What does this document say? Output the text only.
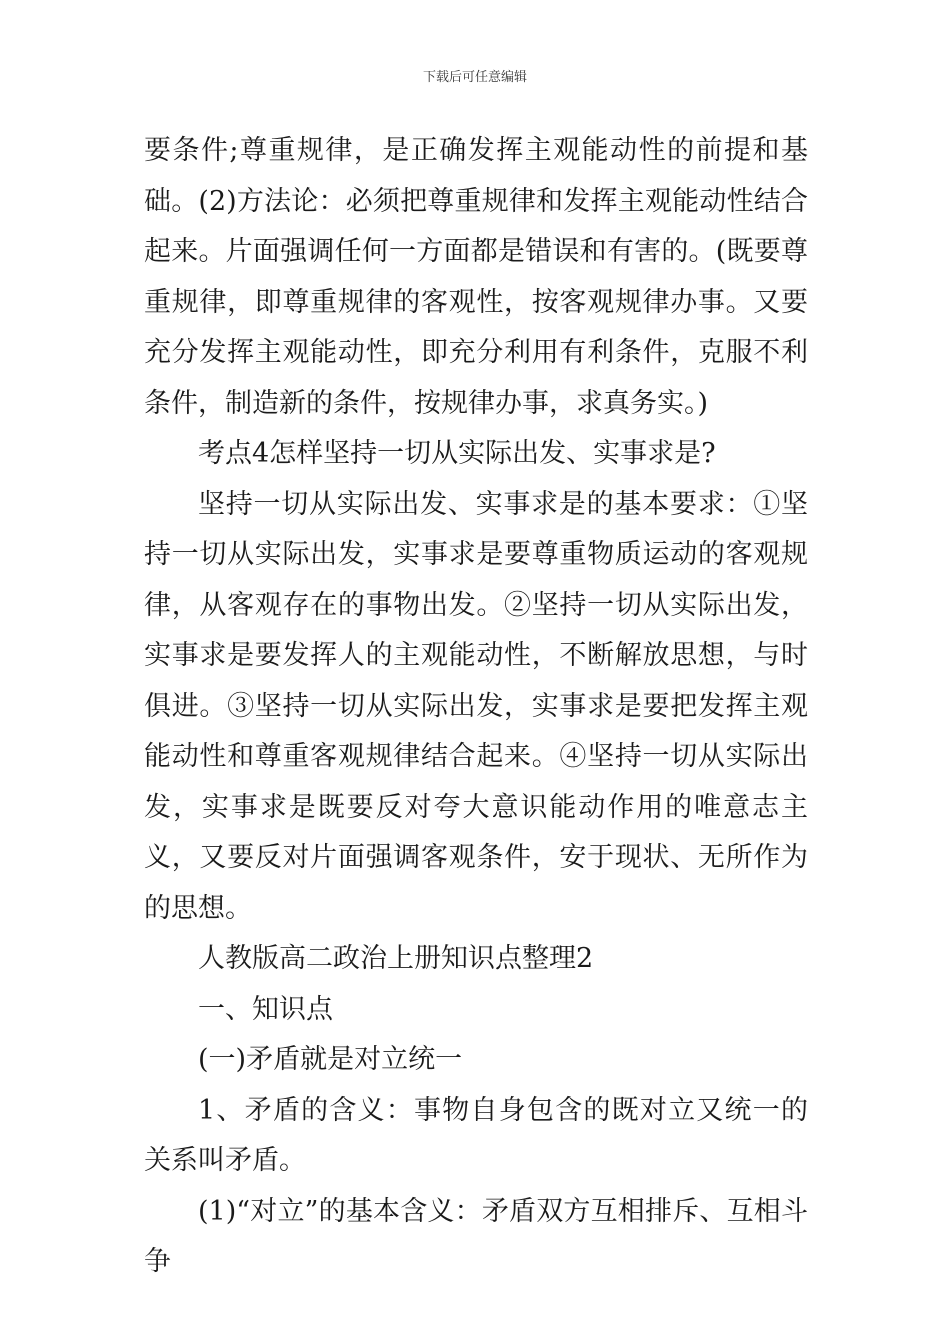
下载后可任意编辑

要条件;尊重规律，是正确发挥主观能动性的前提和基础。(2)方法论：必须把尊重规律和发挥主观能动性结合起来。片面强调任何一方面都是错误和有害的。(既要尊重规律，即尊重规律的客观性，按客观规律办事。又要充分发挥主观能动性，即充分利用有利条件，克服不利条件，制造新的条件，按规律办事，求真务实。)

考点4怎样坚持一切从实际出发、实事求是?

坚持一切从实际出发、实事求是的基本要求：①坚持一切从实际出发，实事求是要尊重物质运动的客观规律，从客观存在的事物出发。②坚持一切从实际出发，实事求是要发挥人的主观能动性，不断解放思想，与时俱进。③坚持一切从实际出发，实事求是要把发挥主观能动性和尊重客观规律结合起来。④坚持一切从实际出发，实事求是既要反对夸大意识能动作用的唯意志主义，又要反对片面强调客观条件，安于现状、无所作为的思想。

人教版高二政治上册知识点整理2

一、知识点

(一)矛盾就是对立统一

1、矛盾的含义：事物自身包含的既对立又统一的关系叫矛盾。

(1)“对立”的基本含义：矛盾双方互相排斥、互相斗争
